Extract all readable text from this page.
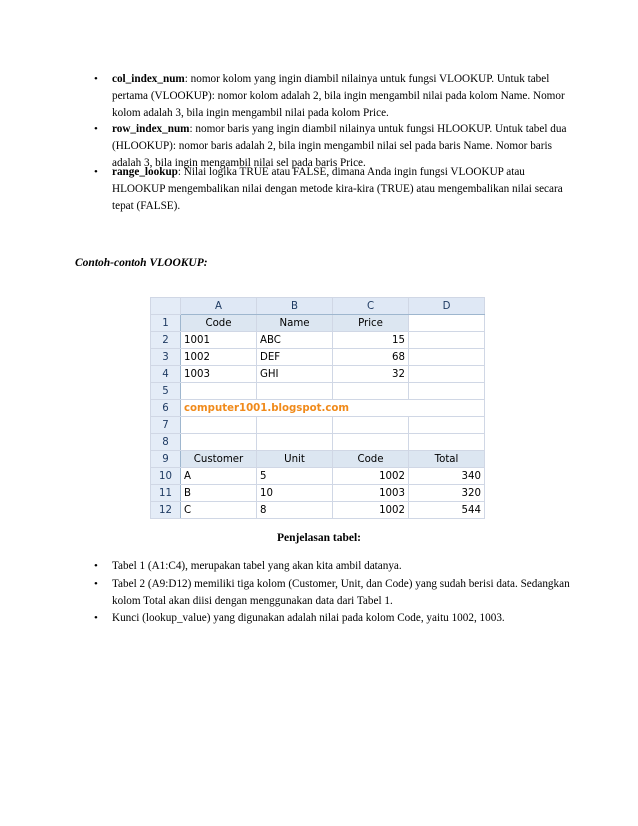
• col_index_num: nomor kolom yang ingin diambil nilainya untuk fungsi VLOOKUP. Untuk tabel pertama (VLOOKUP): nomor kolom adalah 2, bila ingin mengambil nilai pada kolom Name. Nomor kolom adalah 3, bila ingin mengambil nilai pada kolom Price.
• row_index_num: nomor baris yang ingin diambil nilainya untuk fungsi HLOOKUP. Untuk tabel dua (HLOOKUP): nomor baris adalah 2, bila ingin mengambil nilai sel pada baris Name. Nomor baris adalah 3, bila ingin mengambil nilai sel pada baris Price.
• range_lookup: Nilai logika TRUE atau FALSE, dimana Anda ingin fungsi VLOOKUP atau HLOOKUP mengembalikan nilai dengan metode kira-kira (TRUE) atau mengembalikan nilai secara tepat (FALSE).
Contoh-contoh VLOOKUP:
	A	B	C	D
1	Code	Name	Price	
2	1001	ABC	15	
3	1002	DEF	68	
4	1003	GHI	32	
5				
6	computer1001.blogspot.com			
7				
8				
9	Customer	Unit	Code	Total
10	A	5	1002	340
11	B	10	1003	320
12	C	8	1002	544
Penjelasan tabel:
• Tabel 1 (A1:C4), merupakan tabel yang akan kita ambil datanya.
• Tabel 2 (A9:D12) memiliki tiga kolom (Customer, Unit, dan Code) yang sudah berisi data. Sedangkan kolom Total akan diisi dengan menggunakan data dari Tabel 1.
• Kunci (lookup_value) yang digunakan adalah nilai pada kolom Code, yaitu 1002, 1003.
